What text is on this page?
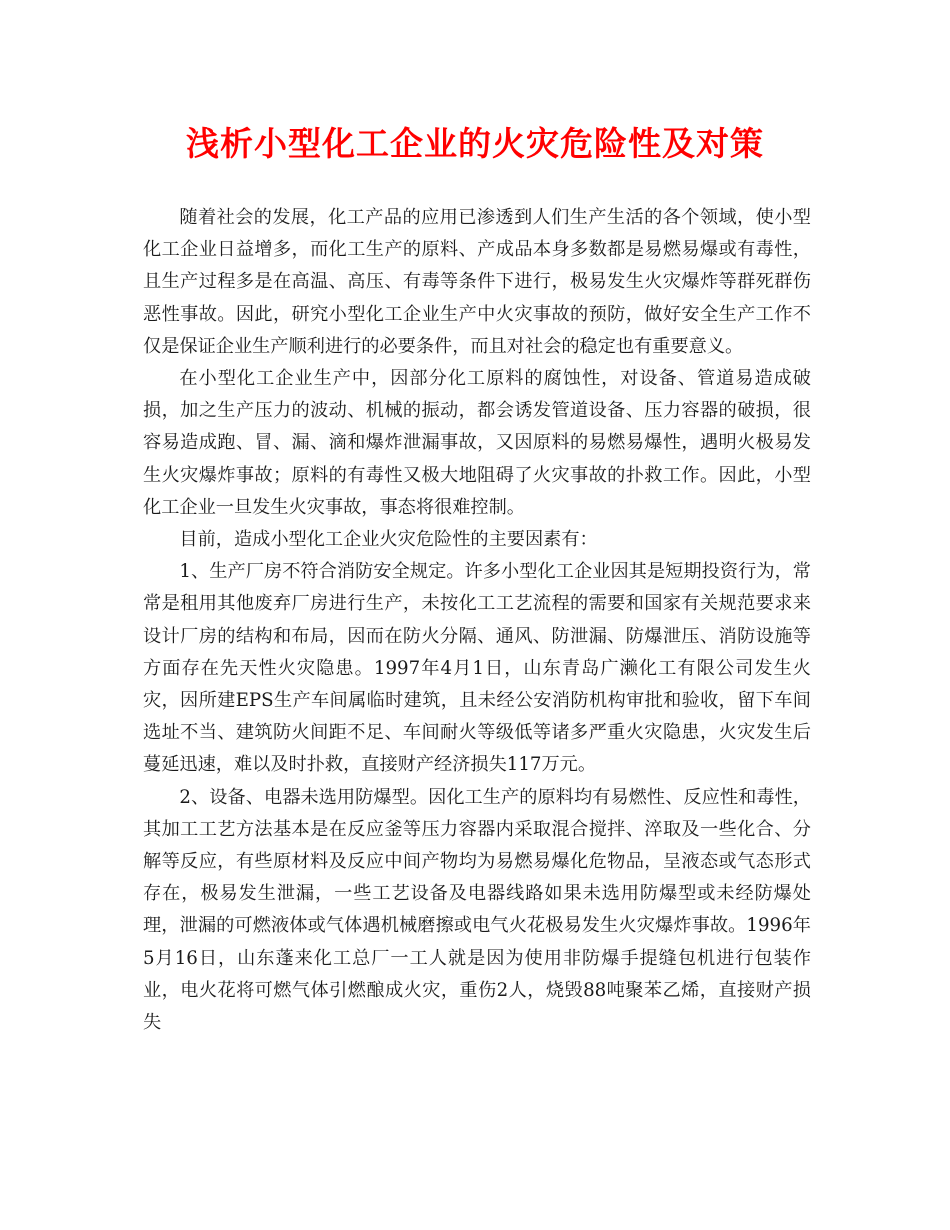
浅析小型化工企业的火灾危险性及对策

随着社会的发展，化工产品的应用已渗透到人们生产生活的各个领域，使小型化工企业日益增多，而化工生产的原料、产成品本身多数都是易燃易爆或有毒性，且生产过程多是在高温、高压、有毒等条件下进行，极易发生火灾爆炸等群死群伤恶性事故。因此，研究小型化工企业生产中火灾事故的预防，做好安全生产工作不仅是保证企业生产顺利进行的必要条件，而且对社会的稳定也有重要意义。

在小型化工企业生产中，因部分化工原料的腐蚀性，对设备、管道易造成破损，加之生产压力的波动、机械的振动，都会诱发管道设备、压力容器的破损，很容易造成跑、冒、漏、滴和爆炸泄漏事故，又因原料的易燃易爆性，遇明火极易发生火灾爆炸事故；原料的有毒性又极大地阻碍了火灾事故的扑救工作。因此，小型化工企业一旦发生火灾事故，事态将很难控制。

目前，造成小型化工企业火灾危险性的主要因素有：

1、生产厂房不符合消防安全规定。许多小型化工企业因其是短期投资行为，常常是租用其他废弃厂房进行生产，未按化工工艺流程的需要和国家有关规范要求来设计厂房的结构和布局，因而在防火分隔、通风、防泄漏、防爆泄压、消防设施等方面存在先天性火灾隐患。1997年4月1日，山东青岛广濑化工有限公司发生火灾，因所建EPS生产车间属临时建筑，且未经公安消防机构审批和验收，留下车间选址不当、建筑防火间距不足、车间耐火等级低等诸多严重火灾隐患，火灾发生后蔓延迅速，难以及时扑救，直接财产经济损失117万元。

2、设备、电器未选用防爆型。因化工生产的原料均有易燃性、反应性和毒性，其加工工艺方法基本是在反应釜等压力容器内采取混合搅拌、淬取及一些化合、分解等反应，有些原材料及反应中间产物均为易燃易爆化危物品，呈液态或气态形式存在，极易发生泄漏，一些工艺设备及电器线路如果未选用防爆型或未经防爆处理，泄漏的可燃液体或气体遇机械磨擦或电气火花极易发生火灾爆炸事故。1996年5月16日，山东蓬来化工总厂一工人就是因为使用非防爆手提缝包机进行包装作业，电火花将可燃气体引燃酿成火灾，重伤2人，烧毁88吨聚苯乙烯，直接财产损失
